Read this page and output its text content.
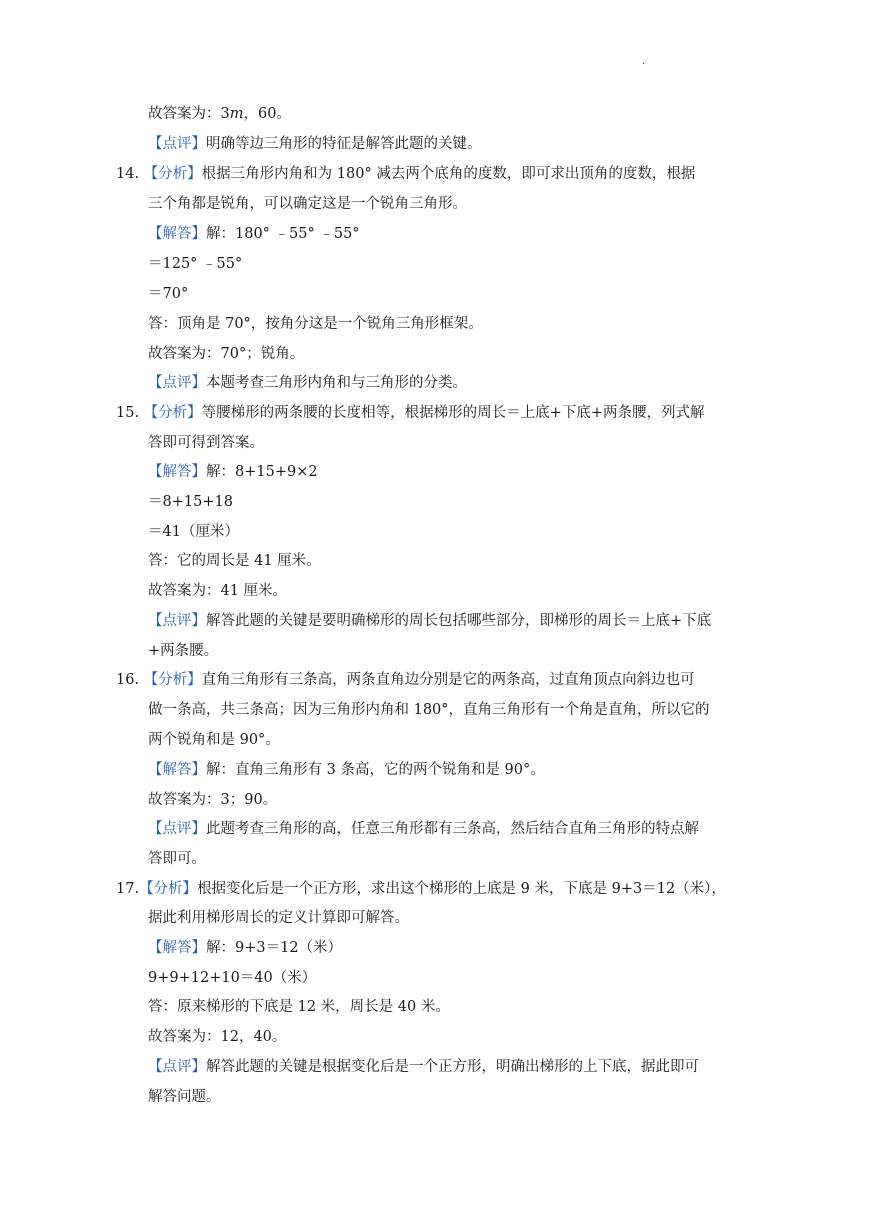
.
故答案为：3m，60。
【点评】明确等边三角形的特征是解答此题的关键。
14. 【分析】根据三角形内角和为 180° 减去两个底角的度数，即可求出顶角的度数，根据
三个角都是锐角，可以确定这是一个锐角三角形。
【解答】解：180° ﹣55° ﹣55°
＝125° ﹣55°
＝70°
答：顶角是 70°，按角分这是一个锐角三角形框架。
故答案为：70°；锐角。
【点评】本题考查三角形内角和与三角形的分类。
15. 【分析】等腰梯形的两条腰的长度相等，根据梯形的周长＝上底+下底+两条腰，列式解
答即可得到答案。
【解答】解：8+15+9×2
＝8+15+18
＝41（厘米）
答：它的周长是 41 厘米。
故答案为：41 厘米。
【点评】解答此题的关键是要明确梯形的周长包括哪些部分，即梯形的周长＝上底+下底
+两条腰。
16. 【分析】直角三角形有三条高，两条直角边分别是它的两条高，过直角顶点向斜边也可
做一条高，共三条高；因为三角形内角和 180°，直角三角形有一个角是直角，所以它的
两个锐角和是 90°。
【解答】解：直角三角形有 3 条高，它的两个锐角和是 90°。
故答案为：3；90。
【点评】此题考查三角形的高，任意三角形都有三条高，然后结合直角三角形的特点解
答即可。
17.【分析】根据变化后是一个正方形，求出这个梯形的上底是 9 米，下底是 9+3＝12（米），
据此利用梯形周长的定义计算即可解答。
【解答】解：9+3＝12（米）
9+9+12+10＝40（米）
答：原来梯形的下底是 12 米，周长是 40 米。
故答案为：12，40。
【点评】解答此题的关键是根据变化后是一个正方形，明确出梯形的上下底，据此即可
解答问题。
